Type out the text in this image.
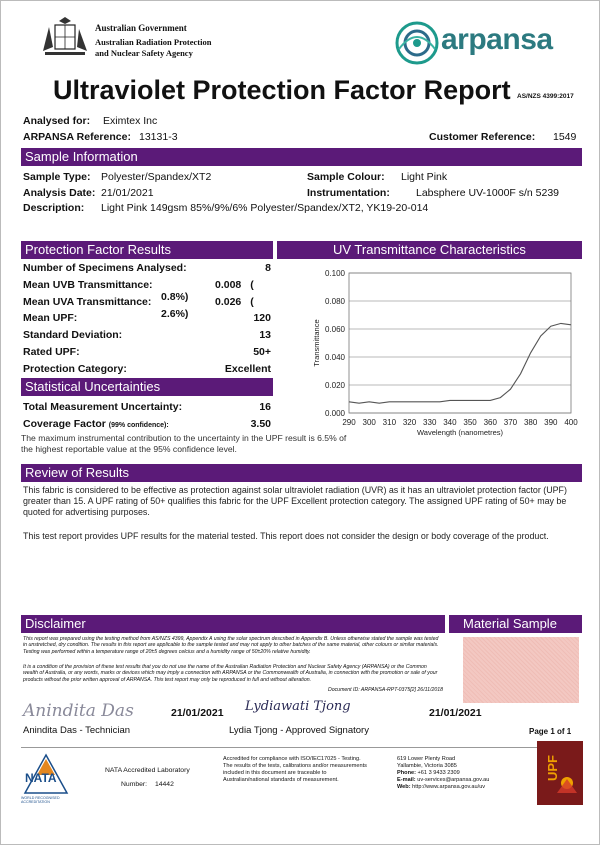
Australian Government
Australian Radiation Protection
and Nuclear Safety Agency	arpansa
Ultraviolet Protection Factor Report AS/NZS 4399:2017
Analysed for: Eximtex Inc
ARPANSA Reference: 13131-3	Customer Reference: 1549
Sample Information
Sample Type: Polyester/Spandex/XT2	Sample Colour: Light Pink
Analysis Date: 21/01/2021	Instrumentation: Labsphere UV-1000F s/n 5239
Description: Light Pink 149gsm 85%/9%/6% Polyester/Spandex/XT2, YK19-20-014
Protection Factor Results	UV Transmittance Characteristics
Number of Specimens Analysed:	8
Mean UVB Transmittance:	0.008 ( 0.8%)
Mean UVA Transmittance:	0.026 ( 2.6%)
Mean UPF:	120
Standard Deviation:	13
Rated UPF:	50+
Protection Category:	Excellent
Statistical Uncertainties
Total Measurement Uncertainty:	16
Coverage Factor (99% confidence):	3.50
The maximum instrumental contribution to the uncertainty in the UPF result is 6.5% of the highest reportable value at the 95% confidence level.
0.000
0.020
0.040
0.060
0.080
0.100
290 300 310 320 330 340 350 360 370 380 390 400
Wavelength (nanometres)
Transmittance
Review of Results
This fabric is considered to be effective as protection against solar ultraviolet radiation (UVR) as it has an ultraviolet protection factor (UPF) greater than 15. A UPF rating of 50+ qualifies this fabric for the UPF Excellent protection category. The assigned UPF rating of 50+ may be quoted for advertising purposes.
This test report provides UPF results for the material tested. This report does not consider the design or body coverage of the product.
Disclaimer	Material Sample
This report was prepared using the testing method from AS/NZS 4399, Appendix A using the solar spectrum described in Appendix B. Unless otherwise stated the sample was tested in unstretched, dry condition. The results in this report are applicable to the sample tested and may not apply to other batches of the same material, other colours or similar materials. Testing was performed within a temperature range of 20±5 degrees celcius and a humidity range of 50±20% relative humidity.
It is a condition of the provision of these test results that you do not use the name of the Australian Radiation Protection and Nuclear Safety Agency (ARPANSA) or the Common wealth of Australia, or any words, marks or devices which may imply a connection with ARPANSA or the Commonwealth of Australia, in connection with the promotion or sale of your products without the prior written approval of ARPANSA. This test report may only be reproduced in full and without alteration.
Document ID: ARPANSA-RPT-0375[2] 26/11/2018
Anindita Das	21/01/2021
Anindita Das - Technician
Lydiawati Tjong	21/01/2021
Lydia Tjong - Approved Signatory	Page 1 of 1
NATA
WORLD RECOGNISED ACCREDITATION
NATA Accredited Laboratory
Number: 14442
Accredited for compliance with ISO/IEC17025 - Testing.
The results of the tests, calibrations and/or measurements
included in this document are traceable to
Australian/national standards of measurement.
619 Lower Plenty Road
Yallambie, Victoria 3085
Phone: +61 3 9433 2309
E-mail: uv-services@arpansa.gov.au
Web: http://www.arpansa.gov.au/uv
UPF
